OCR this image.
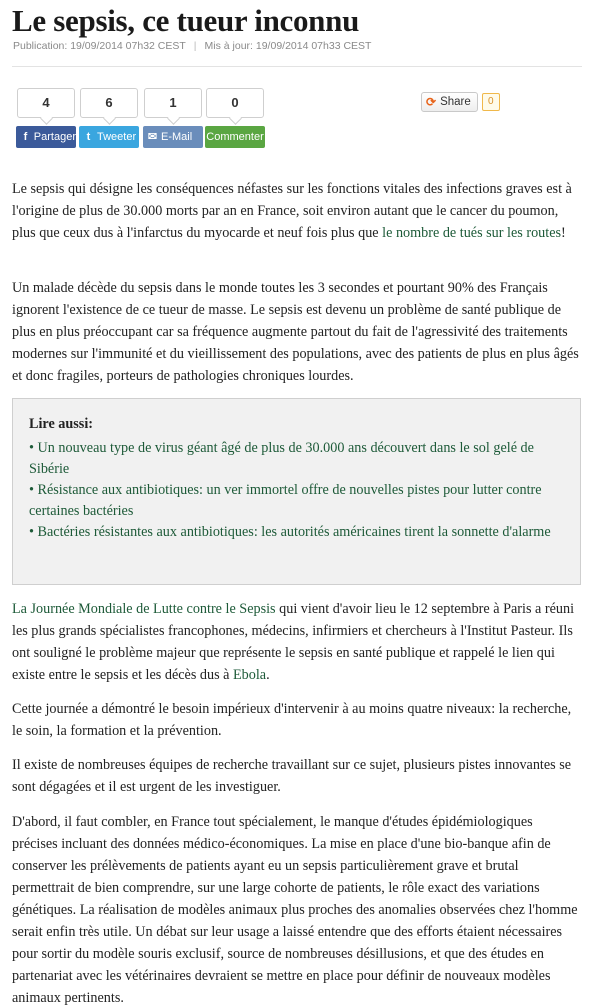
Le sepsis, ce tueur inconnu
Publication: 19/09/2014 07h32 CEST | Mis à jour: 19/09/2014 07h33 CEST
4
f Partager
6
t Tweeter
1
✉ E-Mail
0
Commenter
⟳ Share	0

Le sepsis qui désigne les conséquences néfastes sur les fonctions vitales des infections graves est à l'origine de plus de 30.000 morts par an en France, soit environ autant que le cancer du poumon, plus que ceux dus à l'infarctus du myocarde et neuf fois plus que le nombre de tués sur les routes!

Un malade décède du sepsis dans le monde toutes les 3 secondes et pourtant 90% des Français ignorent l'existence de ce tueur de masse. Le sepsis est devenu un problème de santé publique de plus en plus préoccupant car sa fréquence augmente partout du fait de l'agressivité des traitements modernes sur l'immunité et du vieillissement des populations, avec des patients de plus en plus âgés et donc fragiles, porteurs de pathologies chroniques lourdes.

Lire aussi:
• Un nouveau type de virus géant âgé de plus de 30.000 ans découvert dans le sol gelé de Sibérie
• Résistance aux antibiotiques: un ver immortel offre de nouvelles pistes pour lutter contre certaines bactéries
• Bactéries résistantes aux antibiotiques: les autorités américaines tirent la sonnette d'alarme

La Journée Mondiale de Lutte contre le Sepsis qui vient d'avoir lieu le 12 septembre à Paris a réuni les plus grands spécialistes francophones, médecins, infirmiers et chercheurs à l'Institut Pasteur. Ils ont souligné le problème majeur que représente le sepsis en santé publique et rappelé le lien qui existe entre le sepsis et les décès dus à Ebola.

Cette journée a démontré le besoin impérieux d'intervenir à au moins quatre niveaux: la recherche, le soin, la formation et la prévention.

Il existe de nombreuses équipes de recherche travaillant sur ce sujet, plusieurs pistes innovantes se sont dégagées et il est urgent de les investiguer.

D'abord, il faut combler, en France tout spécialement, le manque d'études épidémiologiques précises incluant des données médico-économiques. La mise en place d'une bio-banque afin de conserver les prélèvements de patients ayant eu un sepsis particulièrement grave et brutal permettrait de bien comprendre, sur une large cohorte de patients, le rôle exact des variations génétiques. La réalisation de modèles animaux plus proches des anomalies observées chez l'homme serait enfin très utile. Un débat sur leur usage a laissé entendre que des efforts étaient nécessaires pour sortir du modèle souris exclusif, source de nombreuses désillusions, et que des études en partenariat avec les vétérinaires devraient se mettre en place pour définir de nouveaux modèles animaux pertinents.
